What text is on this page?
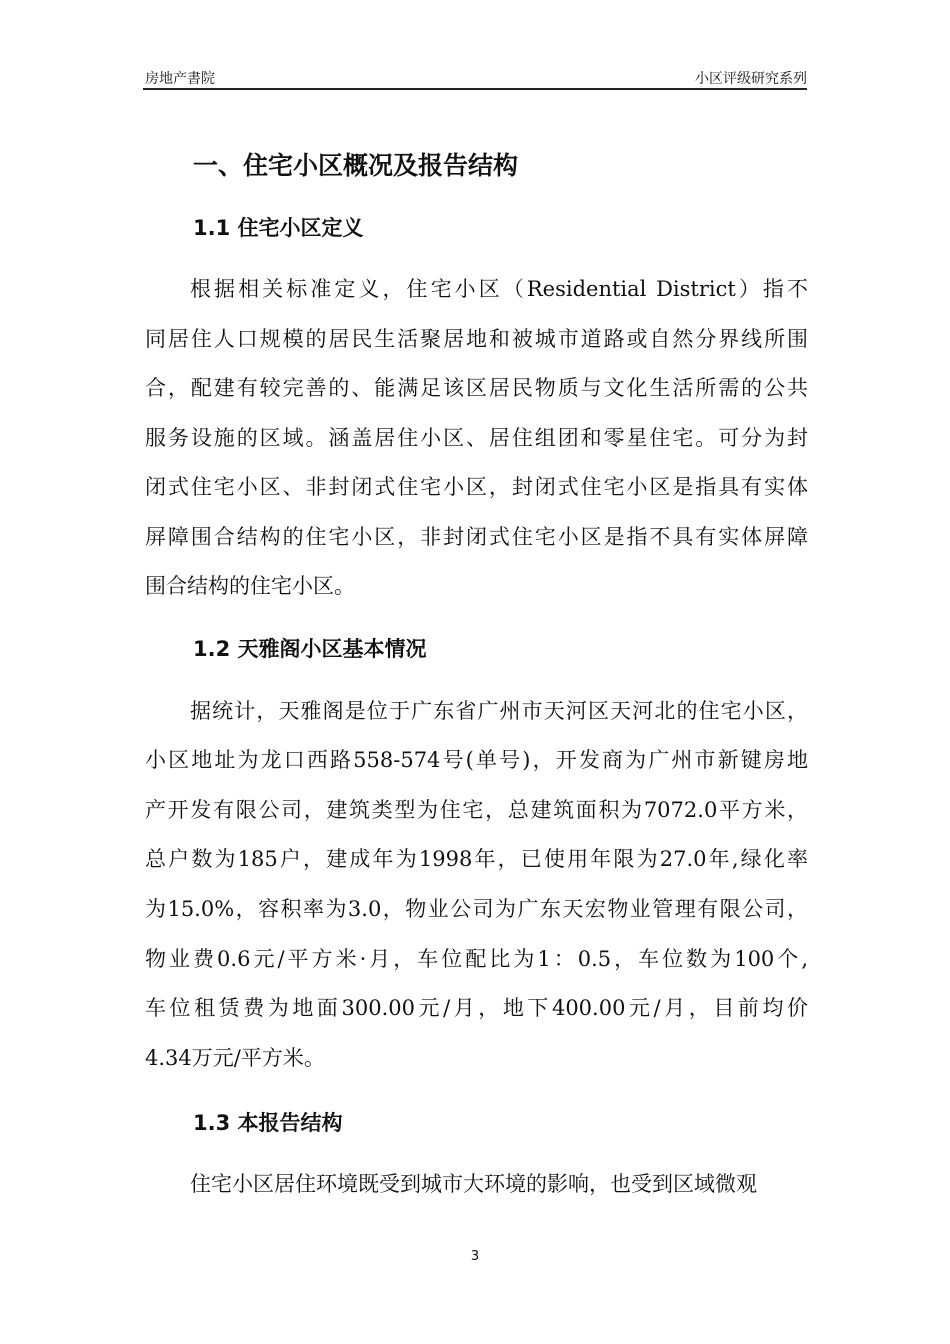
房地产書院	小区评级研究系列
一、住宅小区概况及报告结构
1.1 住宅小区定义
根据相关标准定义，住宅小区（Residential District）指不
同居住人口规模的居民生活聚居地和被城市道路或自然分界线所围
合，配建有较完善的、能满足该区居民物质与文化生活所需的公共
服务设施的区域。涵盖居住小区、居住组团和零星住宅。可分为封
闭式住宅小区、非封闭式住宅小区，封闭式住宅小区是指具有实体
屏障围合结构的住宅小区，非封闭式住宅小区是指不具有实体屏障
围合结构的住宅小区。
1.2 天雅阁小区基本情况
据统计，天雅阁是位于广东省广州市天河区天河北的住宅小区，
小区地址为龙口西路558-574号(单号)，开发商为广州市新键房地
产开发有限公司，建筑类型为住宅，总建筑面积为7072.0平方米，
总户数为185户，建成年为1998年，已使用年限为27.0年,绿化率
为15.0%，容积率为3.0，物业公司为广东天宏物业管理有限公司，
物业费0.6元/平方米·月，车位配比为1：0.5，车位数为100个,
车位租赁费为地面300.00元/月，地下400.00元/月，目前均价
4.34万元/平方米。
1.3 本报告结构
住宅小区居住环境既受到城市大环境的影响，也受到区域微观
3
